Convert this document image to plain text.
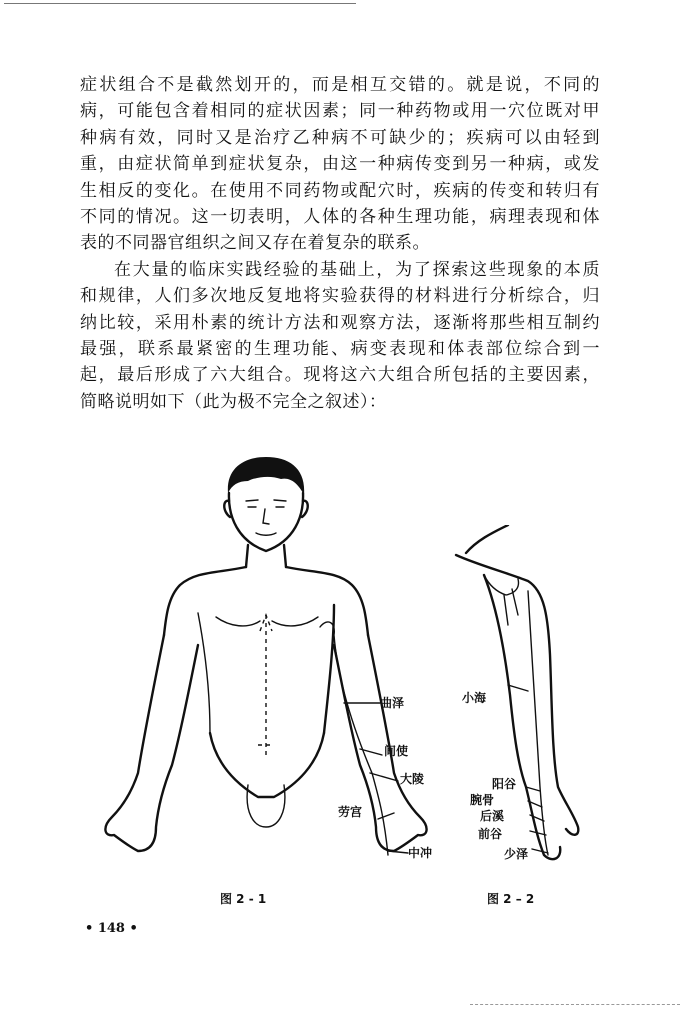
症状组合不是截然划开的，而是相互交错的。就是说，不同的
病，可能包含着相同的症状因素；同一种药物或用一穴位既对甲
种病有效，同时又是治疗乙种病不可缺少的；疾病可以由轻到
重，由症状简单到症状复杂，由这一种病传变到另一种病，或发
生相反的变化。在使用不同药物或配穴时，疾病的传变和转归有
不同的情况。这一切表明，人体的各种生理功能，病理表现和体
表的不同器官组织之间又存在着复杂的联系。
在大量的临床实践经验的基础上，为了探索这些现象的本质
和规律，人们多次地反复地将实验获得的材料进行分析综合，归
纳比较，采用朴素的统计方法和观察方法，逐渐将那些相互制约
最强，联系最紧密的生理功能、病变表现和体表部位综合到一
起，最后形成了六大组合。现将这六大组合所包括的主要因素，
简略说明如下（此为极不完全之叙述）：
曲泽
间使
大陵
劳宫
中冲
小海
阳谷
腕骨
后溪
前谷
少泽
图 2 - 1	图 2 – 2
• 148 •
